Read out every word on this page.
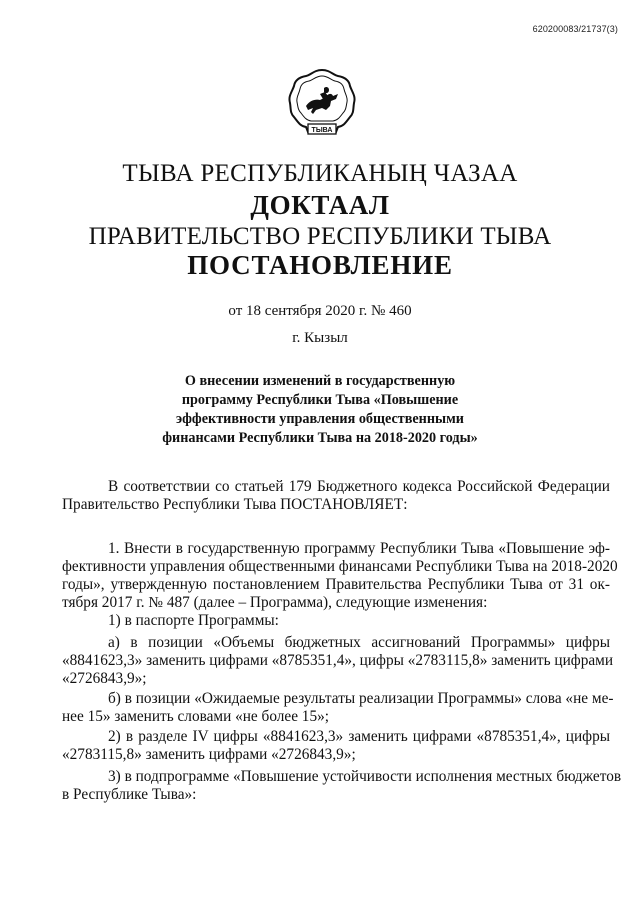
620200083/21737(3)
ТЫВА
ТЫВА РЕСПУБЛИКАНЫҢ ЧАЗАА
ДОКТААЛ
ПРАВИТЕЛЬСТВО РЕСПУБЛИКИ ТЫВА
ПОСТАНОВЛЕНИЕ
от 18 сентября 2020 г. № 460
г. Кызыл
О внесении изменений в государственную
программу Республики Тыва «Повышение
эффективности управления общественными
финансами Республики Тыва на 2018-2020 годы»
В соответствии со статьей 179 Бюджетного кодекса Российской Федерации
Правительство Республики Тыва ПОСТАНОВЛЯЕТ:
1. Внести в государственную программу Республики Тыва «Повышение эф-
фективности управления общественными финансами Республики Тыва на 2018-2020
годы», утвержденную постановлением Правительства Республики Тыва от 31 ок-
тября 2017 г. № 487 (далее – Программа), следующие изменения:
1) в паспорте Программы:
а) в позиции «Объемы бюджетных ассигнований Программы» цифры
«8841623,3» заменить цифрами «8785351,4», цифры «2783115,8» заменить цифрами
«2726843,9»;
б) в позиции «Ожидаемые результаты реализации Программы» слова «не ме-
нее 15» заменить словами «не более 15»;
2) в разделе IV цифры «8841623,3» заменить цифрами «8785351,4», цифры
«2783115,8» заменить цифрами «2726843,9»;
3) в подпрограмме «Повышение устойчивости исполнения местных бюджетов
в Республике Тыва»:
